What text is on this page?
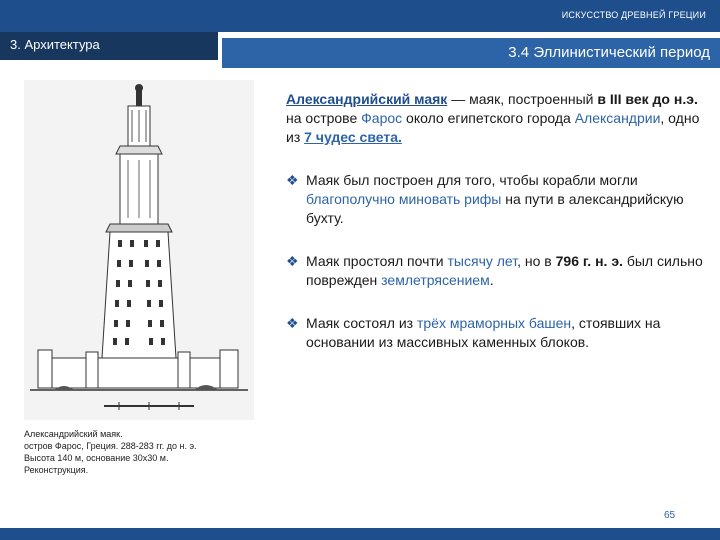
ИСКУССТВО ДРЕВНЕЙ ГРЕЦИИ
3. Архитектура	3.4 Эллинистический период
Александрийский маяк.
остров Фарос, Греция. 288-283 гг. до н. э.
Высота 140 м, основание 30х30 м.
Реконструкция.

Александрийский маяк — маяк, построенный в III век до н.э. на острове Фарос около египетского города Александрии, одно из 7 чудес света.

❖ Маяк был построен для того, чтобы корабли могли благополучно миновать рифы на пути в александрийскую бухту.
❖ Маяк простоял почти тысячу лет, но в 796 г. н. э. был сильно поврежден землетрясением.
❖ Маяк состоял из трёх мраморных башен, стоявших на основании из массивных каменных блоков.
65
